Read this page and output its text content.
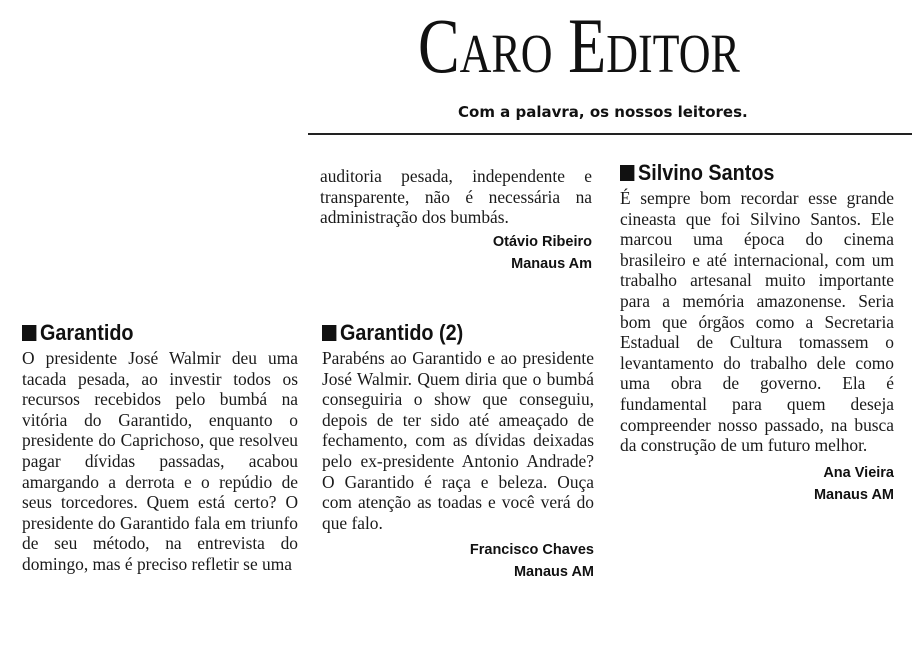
Caro Editor
Com a palavra, os nossos leitores.

auditoria pesada, independente e transparente, não é necessária na administração dos bumbás.

Otávio Ribeiro
Manaus Am
Silvino Santos

É sempre bom recordar esse grande cineasta que foi Silvino Santos. Ele marcou uma época do cinema brasileiro e até internacional, com um trabalho artesanal muito importante para a memória amazonense. Seria bom que órgãos como a Secretaria Estadual de Cultura tomassem o levantamento do trabalho dele como uma obra de governo. Ela é fundamental para quem deseja compreender nosso passado, na busca da construção de um futuro melhor.

Ana Vieira
Manaus AM
Garantido

O presidente José Walmir deu uma tacada pesada, ao investir todos os recursos recebidos pelo bumbá na vitória do Garantido, enquanto o presidente do Caprichoso, que resolveu pagar dívidas passadas, acabou amargando a derrota e o repúdio de seus torcedores. Quem está certo? O presidente do Garantido fala em triunfo de seu método, na entrevista do domingo, mas é preciso refletir se uma

Garantido (2)

Parabéns ao Garantido e ao presidente José Walmir. Quem diria que o bumbá conseguiria o show que conseguiu, depois de ter sido até ameaçado de fechamento, com as dívidas deixadas pelo ex-presidente Antonio Andrade? O Garantido é raça e beleza. Ouça com atenção as toadas e você verá do que falo.

Francisco Chaves
Manaus AM
